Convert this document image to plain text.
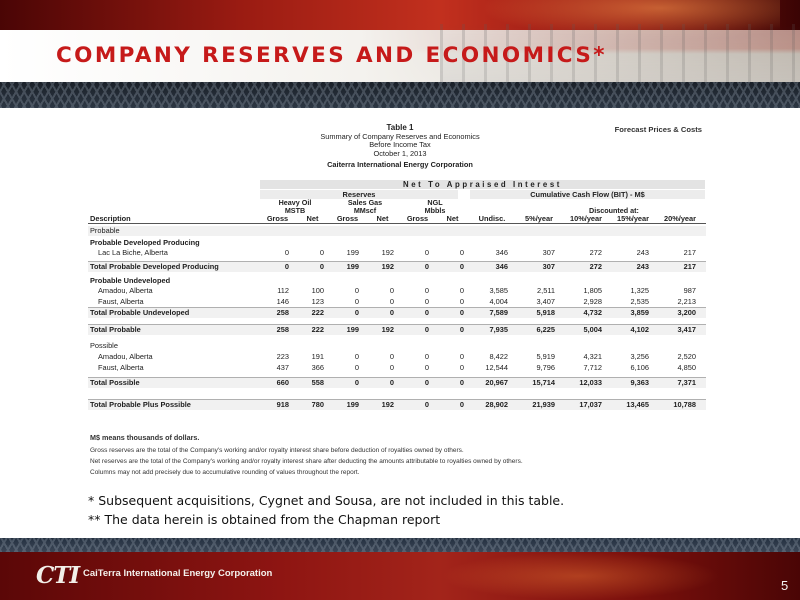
COMPANY RESERVES AND ECONOMICS*
Forecast Prices & Costs
Table 1
Summary of Company Reserves and Economics
Before Income Tax
October 1, 2013
Caiterra International Energy Corporation
Net To Appraised Interest
Reserves	Cumulative Cash Flow (BIT) - M$
Heavy Oil
MSTB
Sales Gas
MMscf
NGL
Mbbls	Discounted at:
Description	Gross	Net	Gross	Net	Gross	Net	Undisc.	5%/year	10%/year	15%/year	20%/year
Probable
Probable Developed Producing
Lac La Biche, Alberta	0	0	199	192	0	0	346	307	272	243	217
Total Probable Developed Producing	0	0	199	192	0	0	346	307	272	243	217
Probable Undeveloped
Amadou, Alberta	112	100	0	0	0	0	3,585	2,511	1,805	1,325	987
Faust, Alberta	146	123	0	0	0	0	4,004	3,407	2,928	2,535	2,213
Total Probable Undeveloped	258	222	0	0	0	0	7,589	5,918	4,732	3,859	3,200
Total Probable	258	222	199	192	0	0	7,935	6,225	5,004	4,102	3,417
Possible
Amadou, Alberta	223	191	0	0	0	0	8,422	5,919	4,321	3,256	2,520
Faust, Alberta	437	366	0	0	0	0	12,544	9,796	7,712	6,106	4,850
Total Possible	660	558	0	0	0	0	20,967	15,714	12,033	9,363	7,371
Total Probable Plus Possible	918	780	199	192	0	0	28,902	21,939	17,037	13,465	10,788
M$ means thousands of dollars.
Gross reserves are the total of the Company's working and/or royalty interest share before deduction of royalties owned by others.
Net reserves are the total of the Company's working and/or royalty interest share after deducting the amounts attributable to royalties owned by others.
Columns may not add precisely due to accumulative rounding of values throughout the report.
* Subsequent acquisitions, Cygnet and Sousa, are not included in this table.
** The data herein is obtained from the Chapman report
CTI CaiTerra International Energy Corporation
5
